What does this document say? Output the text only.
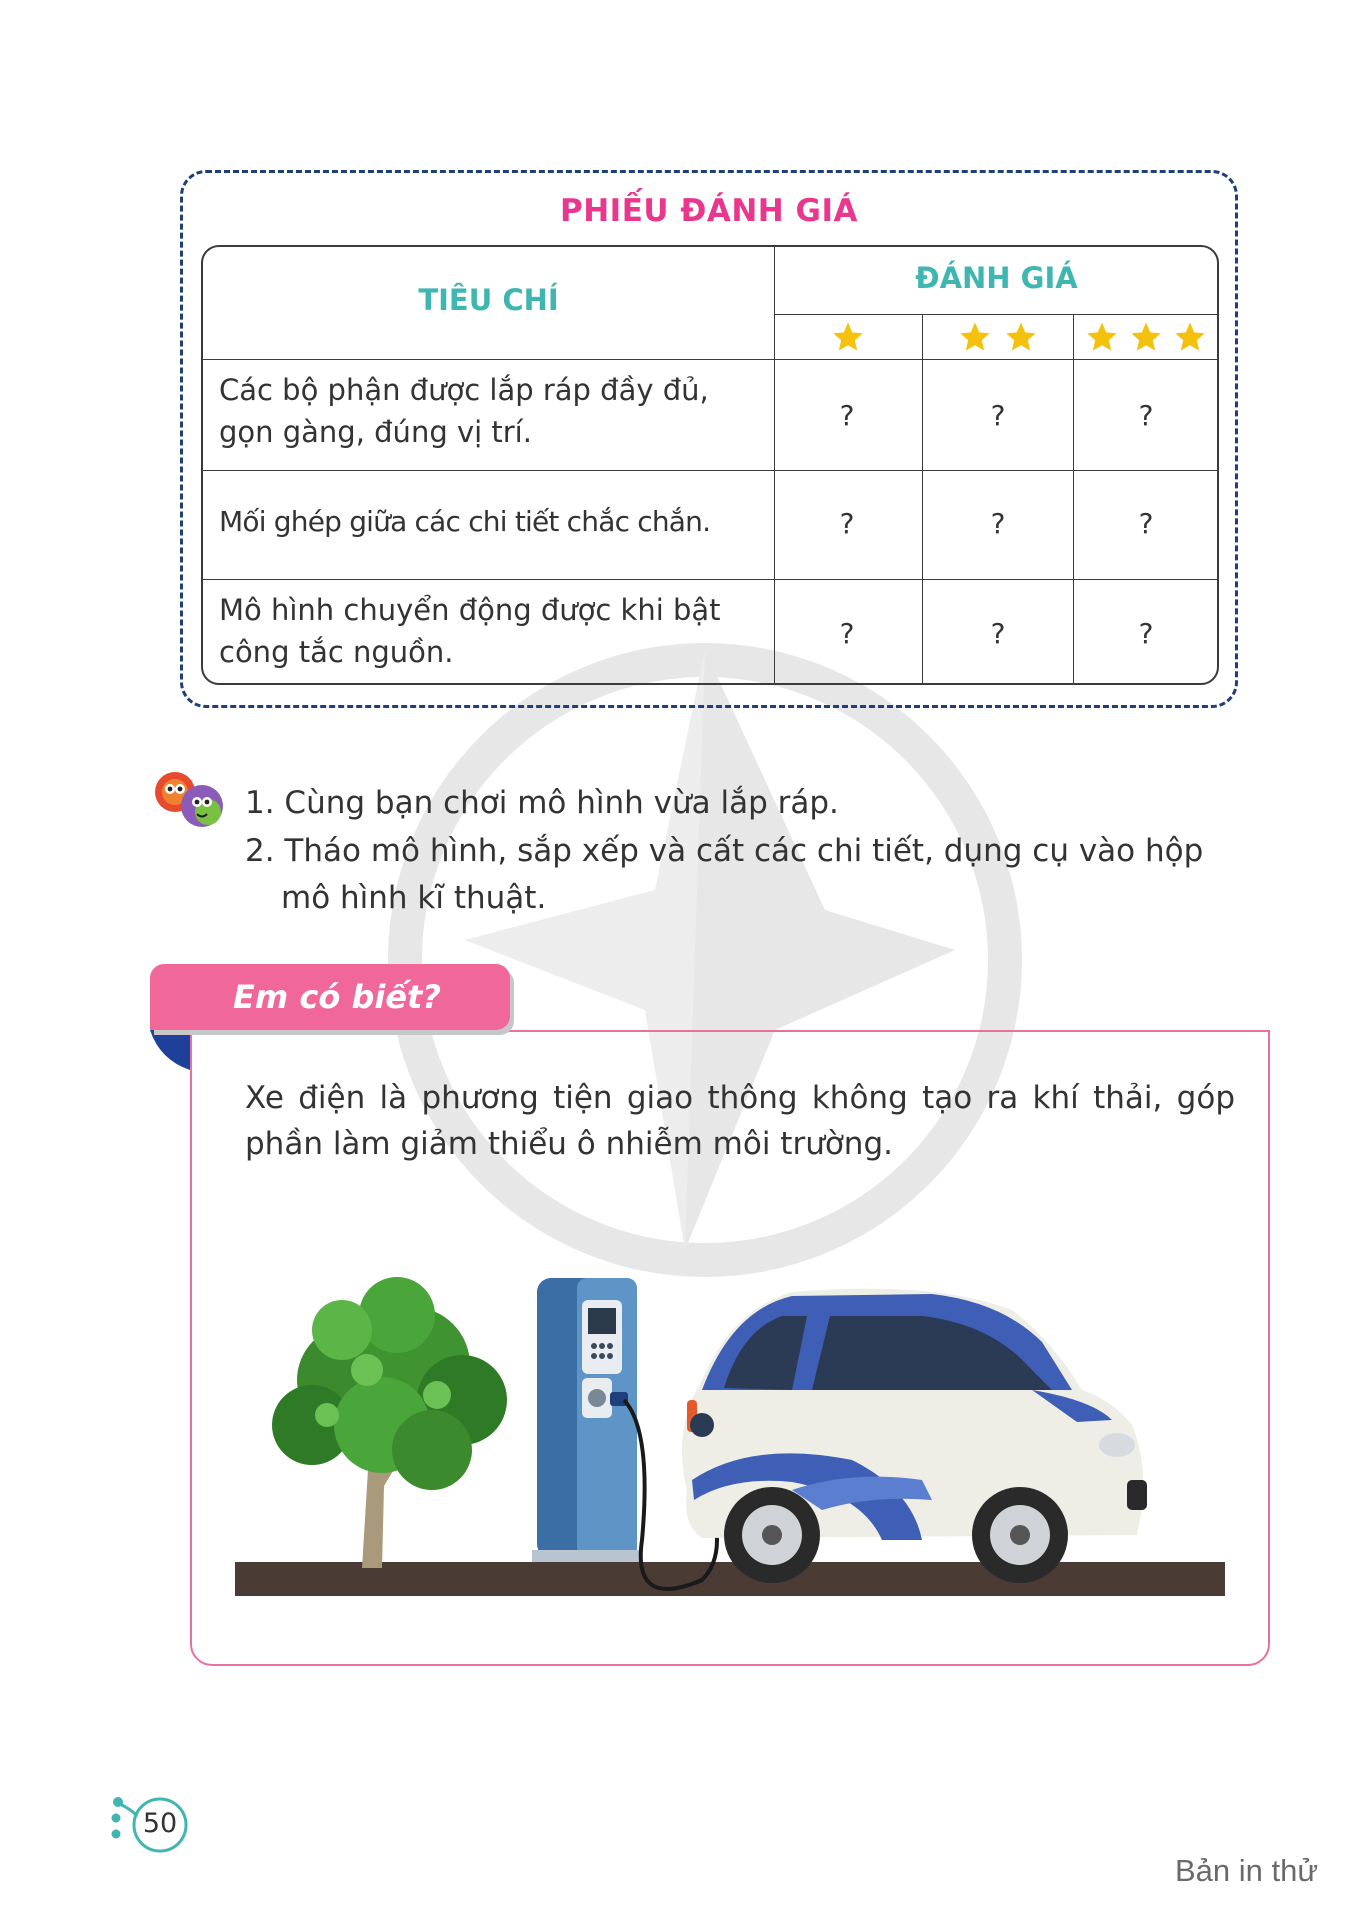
PHIẾU ĐÁNH GIÁ
TIÊU CHÍ
ĐÁNH GIÁ
Các bộ phận được lắp ráp đầy đủ,
gọn gàng, đúng vị trí.	?	?	?
Mối ghép giữa các chi tiết chắc chắn.	?	?	?
Mô hình chuyển động được khi bật
công tắc nguồn.
?	?	?
1. Cùng bạn chơi mô hình vừa lắp ráp.
2. Tháo mô hình, sắp xếp và cất các chi tiết, dụng cụ vào hộp
mô hình kĩ thuật.
Em có biết?
Xe điện là phương tiện giao thông không tạo ra khí thải, góp phần làm giảm thiểu ô nhiễm môi trường.
50
Bản in thử
